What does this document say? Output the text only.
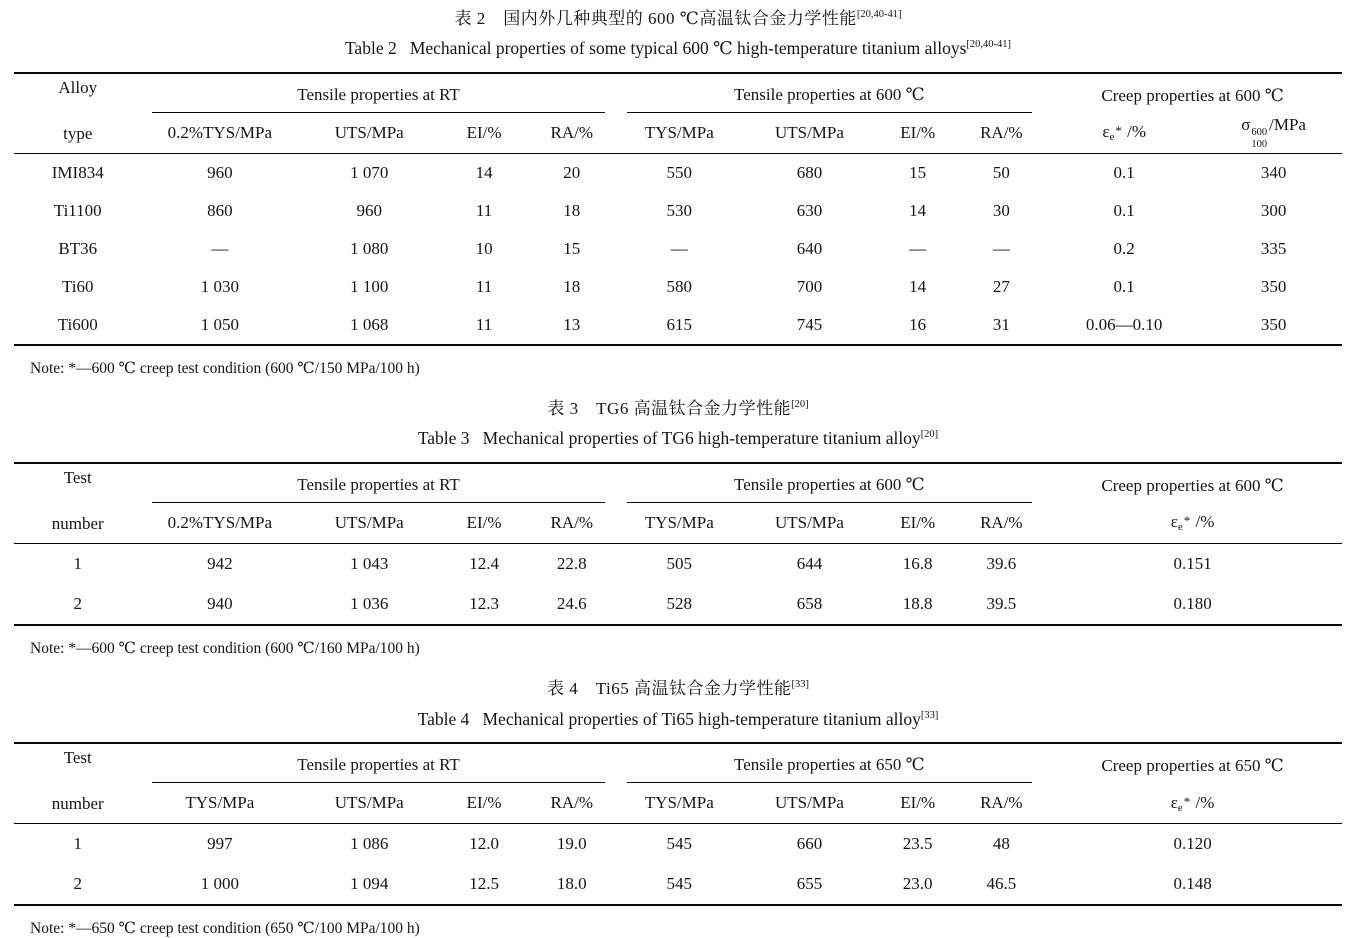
表 2　国内外几种典型的 600 ℃高温钛合金力学性能[20,40-41]
Table 2   Mechanical properties of some typical 600 ℃ high-temperature titanium alloys[20,40-41]
Alloy
type	Tensile properties at RT				Tensile properties at 600 ℃				Creep properties at 600 ℃	

	0.2%TYS/MPa	UTS/MPa	EI/%	RA/%	TYS/MPa	UTS/MPa	EI/%	RA/%	$\varepsilon_e*$ /%	σ 600
100
/MPa
IMI834	960	1 070	14	20	550	680	15	50	0.1	340
Ti1100	860	960	11	18	530	630	14	30	0.1	300
BT36	—	1 080	10	15	—	640	—	—	0.2	335
Ti60	1 030	1 100	11	18	580	700	14	27	0.1	350
Ti600	1 050	1 068	11	13	615	745	16	31	0.06—0.10	350
Note: *—600 ℃ creep test condition (600 ℃/150 MPa/100 h)
表 3　TG6 高温钛合金力学性能[20]
Table 3   Mechanical properties of TG6 high-temperature titanium alloy[20]
Test
number	Tensile properties at RT				Tensile properties at 600 ℃				Creep properties at 600 ℃

	0.2%TYS/MPa	UTS/MPa	EI/%	RA/%	TYS/MPa	UTS/MPa	EI/%	RA/%	$\varepsilon_e*$ /%
1	942	1 043	12.4	22.8	505	644	16.8	39.6	0.151
2	940	1 036	12.3	24.6	528	658	18.8	39.5	0.180
Note: *—600 ℃ creep test condition (600 ℃/160 MPa/100 h)
表 4　Ti65 高温钛合金力学性能[33]
Table 4   Mechanical properties of Ti65 high-temperature titanium alloy[33]
Test
number	Tensile properties at RT				Tensile properties at 650 ℃				Creep properties at 650 ℃

	TYS/MPa	UTS/MPa	EI/%	RA/%	TYS/MPa	UTS/MPa	EI/%	RA/%	$\varepsilon_e*$ /%
1	997	1 086	12.0	19.0	545	660	23.5	48	0.120
2	1 000	1 094	12.5	18.0	545	655	23.0	46.5	0.148
Note: *—650 ℃ creep test condition (650 ℃/100 MPa/100 h)
